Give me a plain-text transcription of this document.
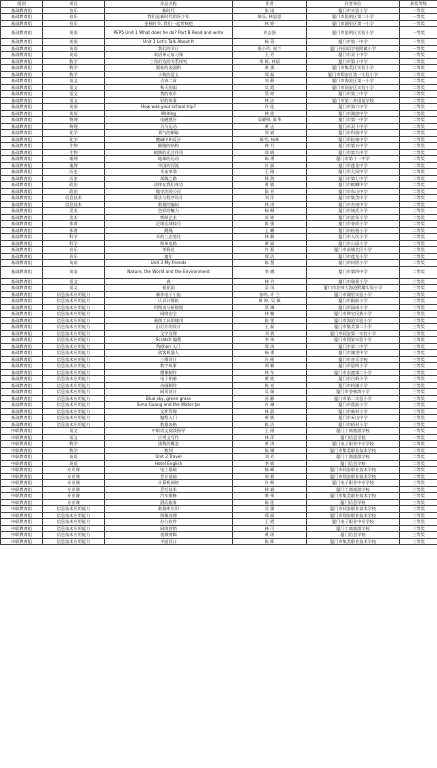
组别	项目	作品名称	作者	作者单位	获奖等级
基础教育组	音乐	新时代	张 雨	厦门市实验小学	一等奖
基础教育组	音乐	我们是新时代的好少年	陈乐, 林思思	厦门市思明区第二小学	一等奖
基础教育组	音乐	金秋时节, 我们一起赏秋吧	林 婷	厦门市湖里区第一小学	一等奖
基础教育组	英语	PEP5 Unit 1 What does he do? Part B Read and write	许志强	厦门市思明区实验小学	一等奖
基础教育组	英语	Unit 1 Let's Talk About It	杨 蓉	厦门市第一中学	一等奖
基础教育组	英语	我们的节日	陈小玲, 周兰	厦门外国语学校附属小学	一等奖
基础教育组	英语	英语单元复习课	王 芳	厦门市双十中学	一等奖
基础教育组	数学	三角形边的关系探究	李 辉, 林丽	厦门市第十中学	二等奖
基础教育组	数学	圆柱的表面积	黄 强	厦门市集美区实验小学	二等奖
基础教育组	数学	小数的意义	郑 磊	厦门市翔安区第一实验小学	二等奖
基础教育组	语文	古诗二首	刘 静	厦门市海沧区第一小学	二等奖
基础教育组	语文	秋天的雨	吴 霞	厦门市同安区实验小学	二等奖
基础教育组	语文	我的家乡	蔡 婷	厦门市第三中学	二等奖
基础教育组	语文	好的故事	林 洁	厦门市第二外国语学校	二等奖
基础教育组	英语	How was your school trip?	许 佳	厦门市第六中学	二等奖
基础教育组	英语	Writing	林 欣	厦门市湖滨中学	二等奖
基础教育组	物理	电磁感应	吴晓明, 陈华	厦门市第一中学	二等奖
基础教育组	物理	力与运动	黄 志	厦门市双十中学	二等奖
基础教育组	化学	氧气的制取	周 斌	厦门市科技中学	二等奖
基础教育组	化学	酸碱中和反应	陈雪, 杨林	厦门市松柏中学	二等奖
基础教育组	生物	细胞的结构	林 月	厦门市第五中学	二等奖
基础教育组	生物	植物的光合作用	郑 晓	厦门市第九中学	二等奖
基础教育组	地理	地球的运动	陈 勇	厦门市第十一中学	二等奖
基础教育组	地理	中国的河流	许 丽	厦门市莲花中学	二等奖
基础教育组	历史	辛亥革命	王 刚	厦门市大同中学	二等奖
基础教育组	历史	丝绸之路	林 海	厦门市第七中学	二等奖
基础教育组	政治	法律在我们身边	黄 敏	厦门市槟榔中学	二等奖
基础教育组	政治	做守法的公民	陈 芳	厦门市东山中学	二等奖
基础教育组	信息技术	算法与程序设计	刘 洋	厦门市集美中学	二等奖
基础教育组	信息技术	数据的编码	林 涛	厦门市杏南中学	二等奖
基础教育组	美术	色彩的魅力	杨 柳	厦门市演武小学	二等奖
基础教育组	美术	剪纸艺术	苏 婷	厦门市滨东小学	二等奖
基础教育组	体育	足球运球技巧	陈 强	厦门市金尚小学	二等奖
基础教育组	体育	跳绳	王 鹏	厦门市松柏小学	二等奖
基础教育组	科学	水的三态变化	林 静	厦门市人民小学	二等奖
基础教育组	科学	简单电路	黄 丽	厦门市公园小学	二等奖
基础教育组	音乐	茉莉花	许 燕	厦门市前埔北区小学	二等奖
基础教育组	音乐	童年	郑 洁	厦门市莲龙小学	二等奖
基础教育组	英语	Unit 3 My friends	陈 慧	厦门市何厝小学	二等奖
基础教育组	英语	Nature, the World and the Environment	李 娜	厦门市第四中学	二等奖
基础教育组	语文	春	林 丹	厦门市瑞景小学	三等奖
基础教育组	语文	桂花雨	吴 凤	厦门市北师大海沧附属实验小学	三等奖
基础教育组	信息技术应用能力	制作电子小报	张明, 许 兰	厦门市湖里实验小学	三等奖
基础教育组	信息技术应用能力	认识计算机	黄 婷, 吴 敏	厦门市殿前小学	三等奖
基础教育组	信息技术应用能力	用图表分析数据	蔡 琳	厦门市园南小学	三等奖
基础教育组	信息技术应用能力	网络安全	林 楠	厦门市钟宅民族小学	三等奖
基础教育组	信息技术应用能力	画图工具的使用	陈 雯	厦门市海沧实验小学	三等奖
基础教育组	信息技术应用能力	幻灯片的设计	王 磊	厦门市集美第二小学	三等奖
基础教育组	信息技术应用能力	文字处理	刘 倩	厦门市同安第一实验小学	三等奖
基础教育组	信息技术应用能力	Scratch 编程	李 伟	厦门市翔安实验小学	三等奖
基础教育组	信息技术应用能力	Python 入门	郑 涛	厦门市第二中学	三等奖
基础教育组	信息技术应用能力	创客机器人	杨 勇	厦门市湖里中学	三等奖
基础教育组	信息技术应用能力	三维设计	许 彬	厦门市音乐学校	三等奖
基础教育组	信息技术应用能力	数字故事	周 颖	厦门市思明小学	三等奖
基础教育组	信息技术应用能力	微课制作	林 军	厦门市东渡第二小学	三等奖
基础教育组	信息技术应用能力	电子相册	黄 欣	厦门市吕岭小学	三等奖
基础教育组	信息技术应用能力	动画制作	陈 亮	厦门市枋湖小学	三等奖
基础教育组	信息技术应用能力	网页设计	吴 娟	厦门市金林湾小学	三等奖
基础教育组	信息技术应用能力	Blue sky, green grass	苏 静	厦门市第二实验小学	三等奖
基础教育组	信息技术应用能力	Sima Guang and the Water Jar	许 琳	厦门市莲前小学	三等奖
基础教育组	信息技术应用能力	文件管理	林 晨	厦门市新村小学	三等奖
基础教育组	信息技术应用能力	编程入门	黄 敏	厦门市禾山中学	三等奖
基础教育组	信息技术应用能力	数据表格	陈 洁	厦门市梧村小学	三等奖
中职教育组	语文	中职语文阅读指导	王 刚	厦门工商旅游学校	一等奖
中职教育组	语文	应用文写作	林 萍	厦门信息学校	一等奖
中职教育组	数学	函数的概念	黄 涛	厦门电子职业中专学校	二等奖
中职教育组	数学	数列	陈 琳	厦门市集美职业技术学校	二等奖
中职教育组	英语	Unit 2 Travel	刘 芳	厦门工商旅游学校	二等奖
中职教育组	英语	Hotel English	李 敏	厦门信息学校	二等奖
中职教育组	专业课	电工基础	杨 峰	厦门市同安职业技术学校	二等奖
中职教育组	专业课	会计基础	周 燕	厦门市翔安职业技术学校	二等奖
中职教育组	专业课	计算机网络	许 辉	厦门电子职业中专学校	三等奖
中职教育组	专业课	烹饪技术	林 斌	厦门工商旅游学校	三等奖
中职教育组	专业课	汽车维修	黄 伟	厦门市集美职业技术学校	三等奖
中职教育组	专业课	酒店服务	陈 佳	厦门信息学校	三等奖
中职教育组	信息技术应用能力	数据库应用	吴 强	厦门市同安职业技术学校	三等奖
中职教育组	信息技术应用能力	图像处理	郑 丽	厦门市翔安职业技术学校	三等奖
中职教育组	信息技术应用能力	办公软件	王 霞	厦门电子职业中专学校	三等奖
中职教育组	信息技术应用能力	网络营销	林 可	厦门工商旅游学校	三等奖
中职教育组	信息技术应用能力	视频剪辑	黄 瑶	厦门信息学校	三等奖
中职教育组	信息技术应用能力	平面设计	陈 晖	厦门市集美职业技术学校	三等奖
